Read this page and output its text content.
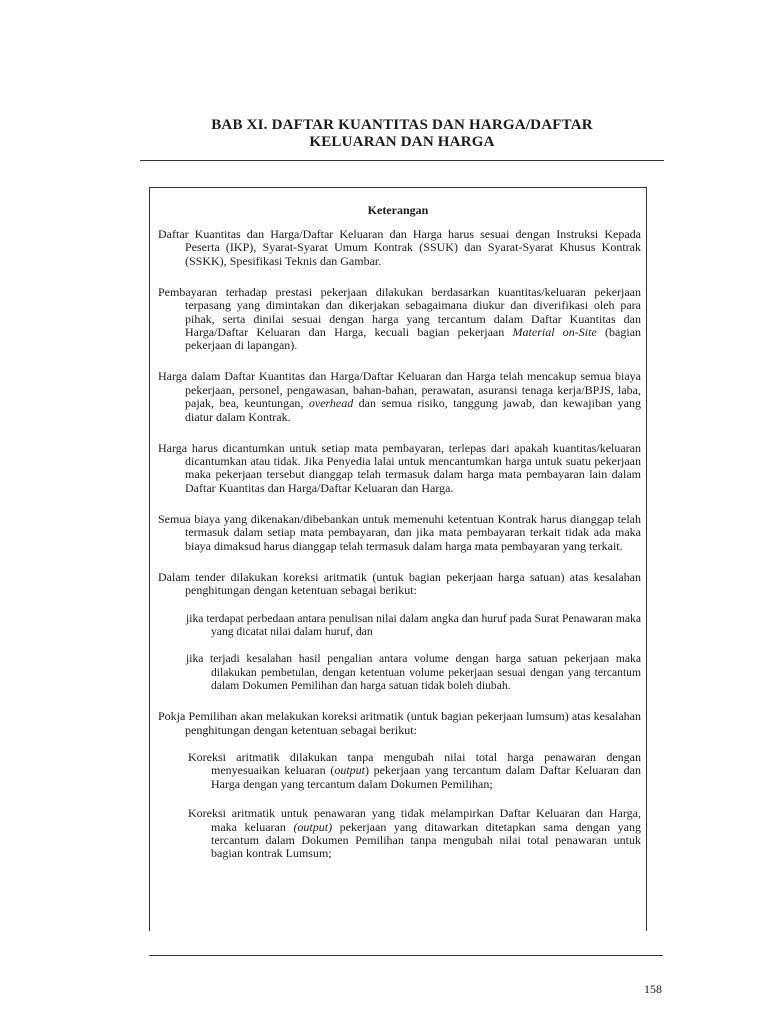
BAB XI. DAFTAR KUANTITAS DAN HARGA/DAFTAR
KELUARAN DAN HARGA
Keterangan
Daftar Kuantitas dan Harga/Daftar Keluaran dan Harga harus sesuai dengan Instruksi Kepada Peserta (IKP), Syarat-Syarat Umum Kontrak (SSUK) dan Syarat-Syarat Khusus Kontrak (SSKK), Spesifikasi Teknis dan Gambar.
Pembayaran terhadap prestasi pekerjaan dilakukan berdasarkan kuantitas/keluaran pekerjaan terpasang yang dimintakan dan dikerjakan sebagaimana diukur dan diverifikasi oleh para pihak, serta dinilai sesuai dengan harga yang tercantum dalam Daftar Kuantitas dan Harga/Daftar Keluaran dan Harga, kecuali bagian pekerjaan Material on-Site (bagian pekerjaan di lapangan).
Harga dalam Daftar Kuantitas dan Harga/Daftar Keluaran dan Harga telah mencakup semua biaya pekerjaan, personel, pengawasan, bahan-bahan, perawatan, asuransi tenaga kerja/BPJS, laba, pajak, bea, keuntungan, overhead dan semua risiko, tanggung jawab, dan kewajiban yang diatur dalam Kontrak.
Harga harus dicantumkan untuk setiap mata pembayaran, terlepas dari apakah kuantitas/keluaran dicantumkan atau tidak. Jika Penyedia lalai untuk mencantumkan harga untuk suatu pekerjaan maka pekerjaan tersebut dianggap telah termasuk dalam harga mata pembayaran lain dalam Daftar Kuantitas dan Harga/Daftar Keluaran dan Harga.
Semua biaya yang dikenakan/dibebankan untuk memenuhi ketentuan Kontrak harus dianggap telah termasuk dalam setiap mata pembayaran, dan jika mata pembayaran terkait tidak ada maka biaya dimaksud harus dianggap telah termasuk dalam harga mata pembayaran yang terkait.
Dalam tender dilakukan koreksi aritmatik (untuk bagian pekerjaan harga satuan) atas kesalahan penghitungan dengan ketentuan sebagai berikut:
jika terdapat perbedaan antara penulisan nilai dalam angka dan huruf pada Surat Penawaran maka yang dicatat nilai dalam huruf, dan
jika terjadi kesalahan hasil pengalian antara volume dengan harga satuan pekerjaan maka dilakukan pembetulan, dengan ketentuan volume pekerjaan sesuai dengan yang tercantum dalam Dokumen Pemilihan dan harga satuan tidak boleh diubah.
Pokja Pemilihan akan melakukan koreksi aritmatik (untuk bagian pekerjaan lumsum) atas kesalahan penghitungan dengan ketentuan sebagai berikut:
Koreksi aritmatik dilakukan tanpa mengubah nilai total harga penawaran dengan menyesuaikan keluaran (output) pekerjaan yang tercantum dalam Daftar Keluaran dan Harga dengan yang tercantum dalam Dokumen Pemilihan;
Koreksi aritmatik untuk penawaran yang tidak melampirkan Daftar Keluaran dan Harga, maka keluaran (output) pekerjaan yang ditawarkan ditetapkan sama dengan yang tercantum dalam Dokumen Pemilihan tanpa mengubah nilai total penawaran untuk bagian kontrak Lumsum;
158
